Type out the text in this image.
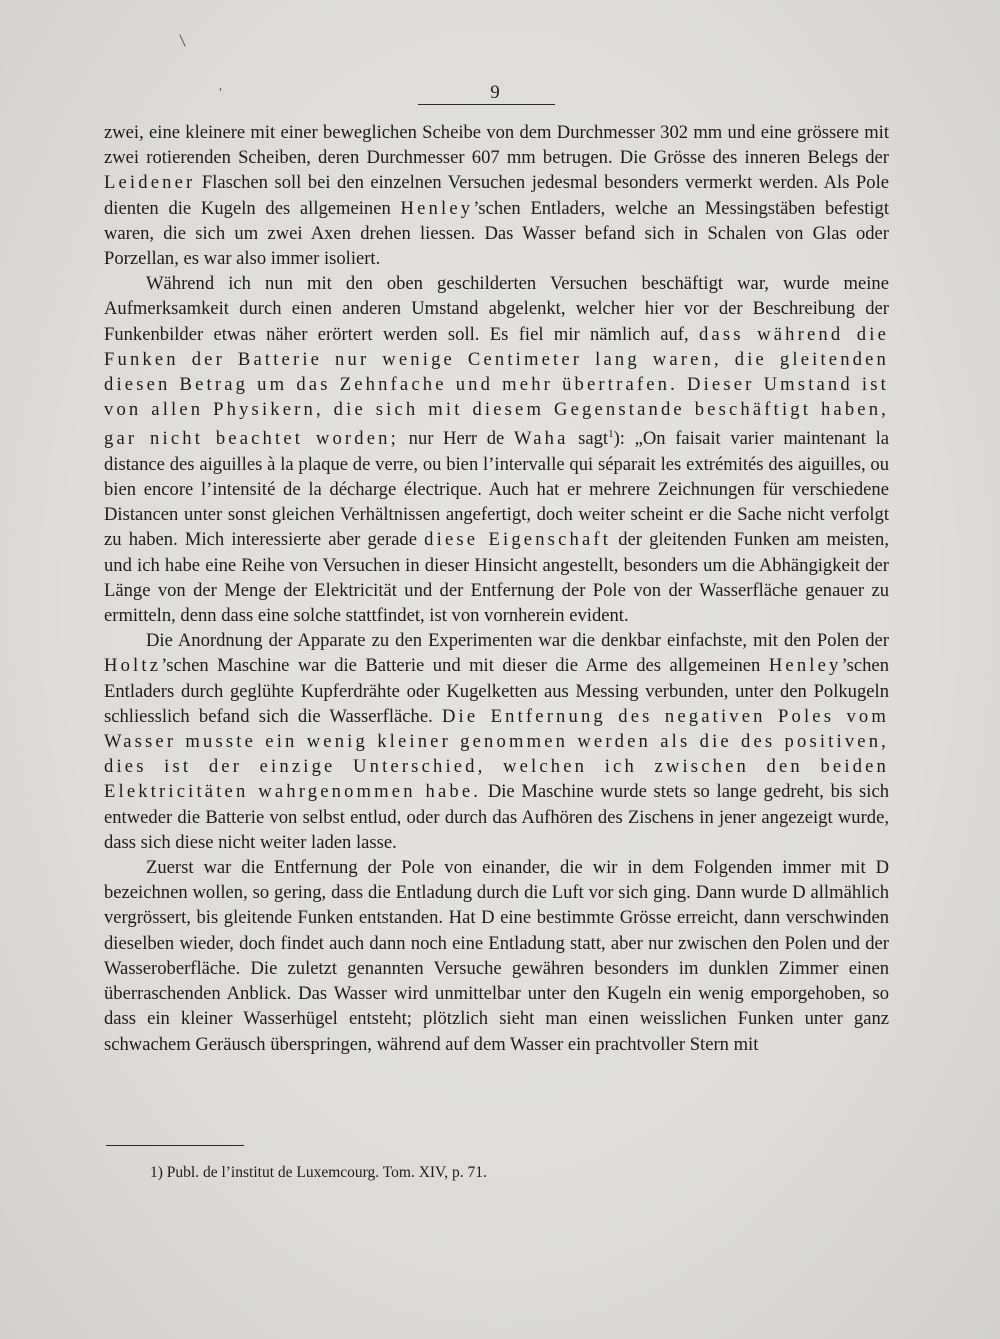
9

zwei, eine kleinere mit einer beweglichen Scheibe von dem Durchmesser 302 mm und eine grössere mit zwei rotierenden Scheiben, deren Durchmesser 607 mm betrugen. Die Grösse des inneren Belegs der Leidener Flaschen soll bei den einzelnen Versuchen jedesmal besonders vermerkt werden. Als Pole dienten die Kugeln des allgemeinen Henley’schen Entladers, welche an Messingstäben befestigt waren, die sich um zwei Axen drehen liessen. Das Wasser befand sich in Schalen von Glas oder Porzellan, es war also immer isoliert.

Während ich nun mit den oben geschilderten Versuchen beschäftigt war, wurde meine Aufmerksamkeit durch einen anderen Umstand abgelenkt, welcher hier vor der Beschreibung der Funkenbilder etwas näher erörtert werden soll. Es fiel mir nämlich auf, dass während die Funken der Batterie nur wenige Centimeter lang waren, die gleitenden diesen Betrag um das Zehnfache und mehr übertrafen. Dieser Umstand ist von allen Physikern, die sich mit diesem Gegenstande beschäftigt haben, gar nicht beachtet worden; nur Herr de Waha sagt$^1$): „On faisait varier maintenant la distance des aiguilles à la plaque de verre, ou bien l’intervalle qui séparait les extrémités des aiguilles, ou bien encore l’intensité de la décharge électrique. Auch hat er mehrere Zeichnungen für verschiedene Distancen unter sonst gleichen Verhältnissen angefertigt, doch weiter scheint er die Sache nicht verfolgt zu haben. Mich interessierte aber gerade diese Eigenschaft der gleitenden Funken am meisten, und ich habe eine Reihe von Versuchen in dieser Hinsicht angestellt, besonders um die Abhängigkeit der Länge von der Menge der Elektricität und der Entfernung der Pole von der Wasserfläche genauer zu ermitteln, denn dass eine solche stattfindet, ist von vornherein evident.

Die Anordnung der Apparate zu den Experimenten war die denkbar einfachste, mit den Polen der Holtz’schen Maschine war die Batterie und mit dieser die Arme des allgemeinen Henley’schen Entladers durch geglühte Kupferdrähte oder Kugelketten aus Messing verbunden, unter den Polkugeln schliesslich befand sich die Wasserfläche. Die Entfernung des negativen Poles vom Wasser musste ein wenig kleiner genommen werden als die des positiven, dies ist der einzige Unterschied, welchen ich zwischen den beiden Elektricitäten wahrgenommen habe. Die Maschine wurde stets so lange gedreht, bis sich entweder die Batterie von selbst entlud, oder durch das Aufhören des Zischens in jener angezeigt wurde, dass sich diese nicht weiter laden lasse.

Zuerst war die Entfernung der Pole von einander, die wir in dem Folgenden immer mit D bezeichnen wollen, so gering, dass die Entladung durch die Luft vor sich ging. Dann wurde D allmählich vergrössert, bis gleitende Funken entstanden. Hat D eine bestimmte Grösse erreicht, dann verschwinden dieselben wieder, doch findet auch dann noch eine Entladung statt, aber nur zwischen den Polen und der Wasseroberfläche. Die zuletzt genannten Versuche gewähren besonders im dunklen Zimmer einen überraschenden Anblick. Das Wasser wird unmittelbar unter den Kugeln ein wenig emporgehoben, so dass ein kleiner Wasserhügel entsteht; plötzlich sieht man einen weisslichen Funken unter ganz schwachem Geräusch überspringen, während auf dem Wasser ein prachtvoller Stern mit

1) Publ. de l’institut de Luxemcourg. Tom. XIV, p. 71.
